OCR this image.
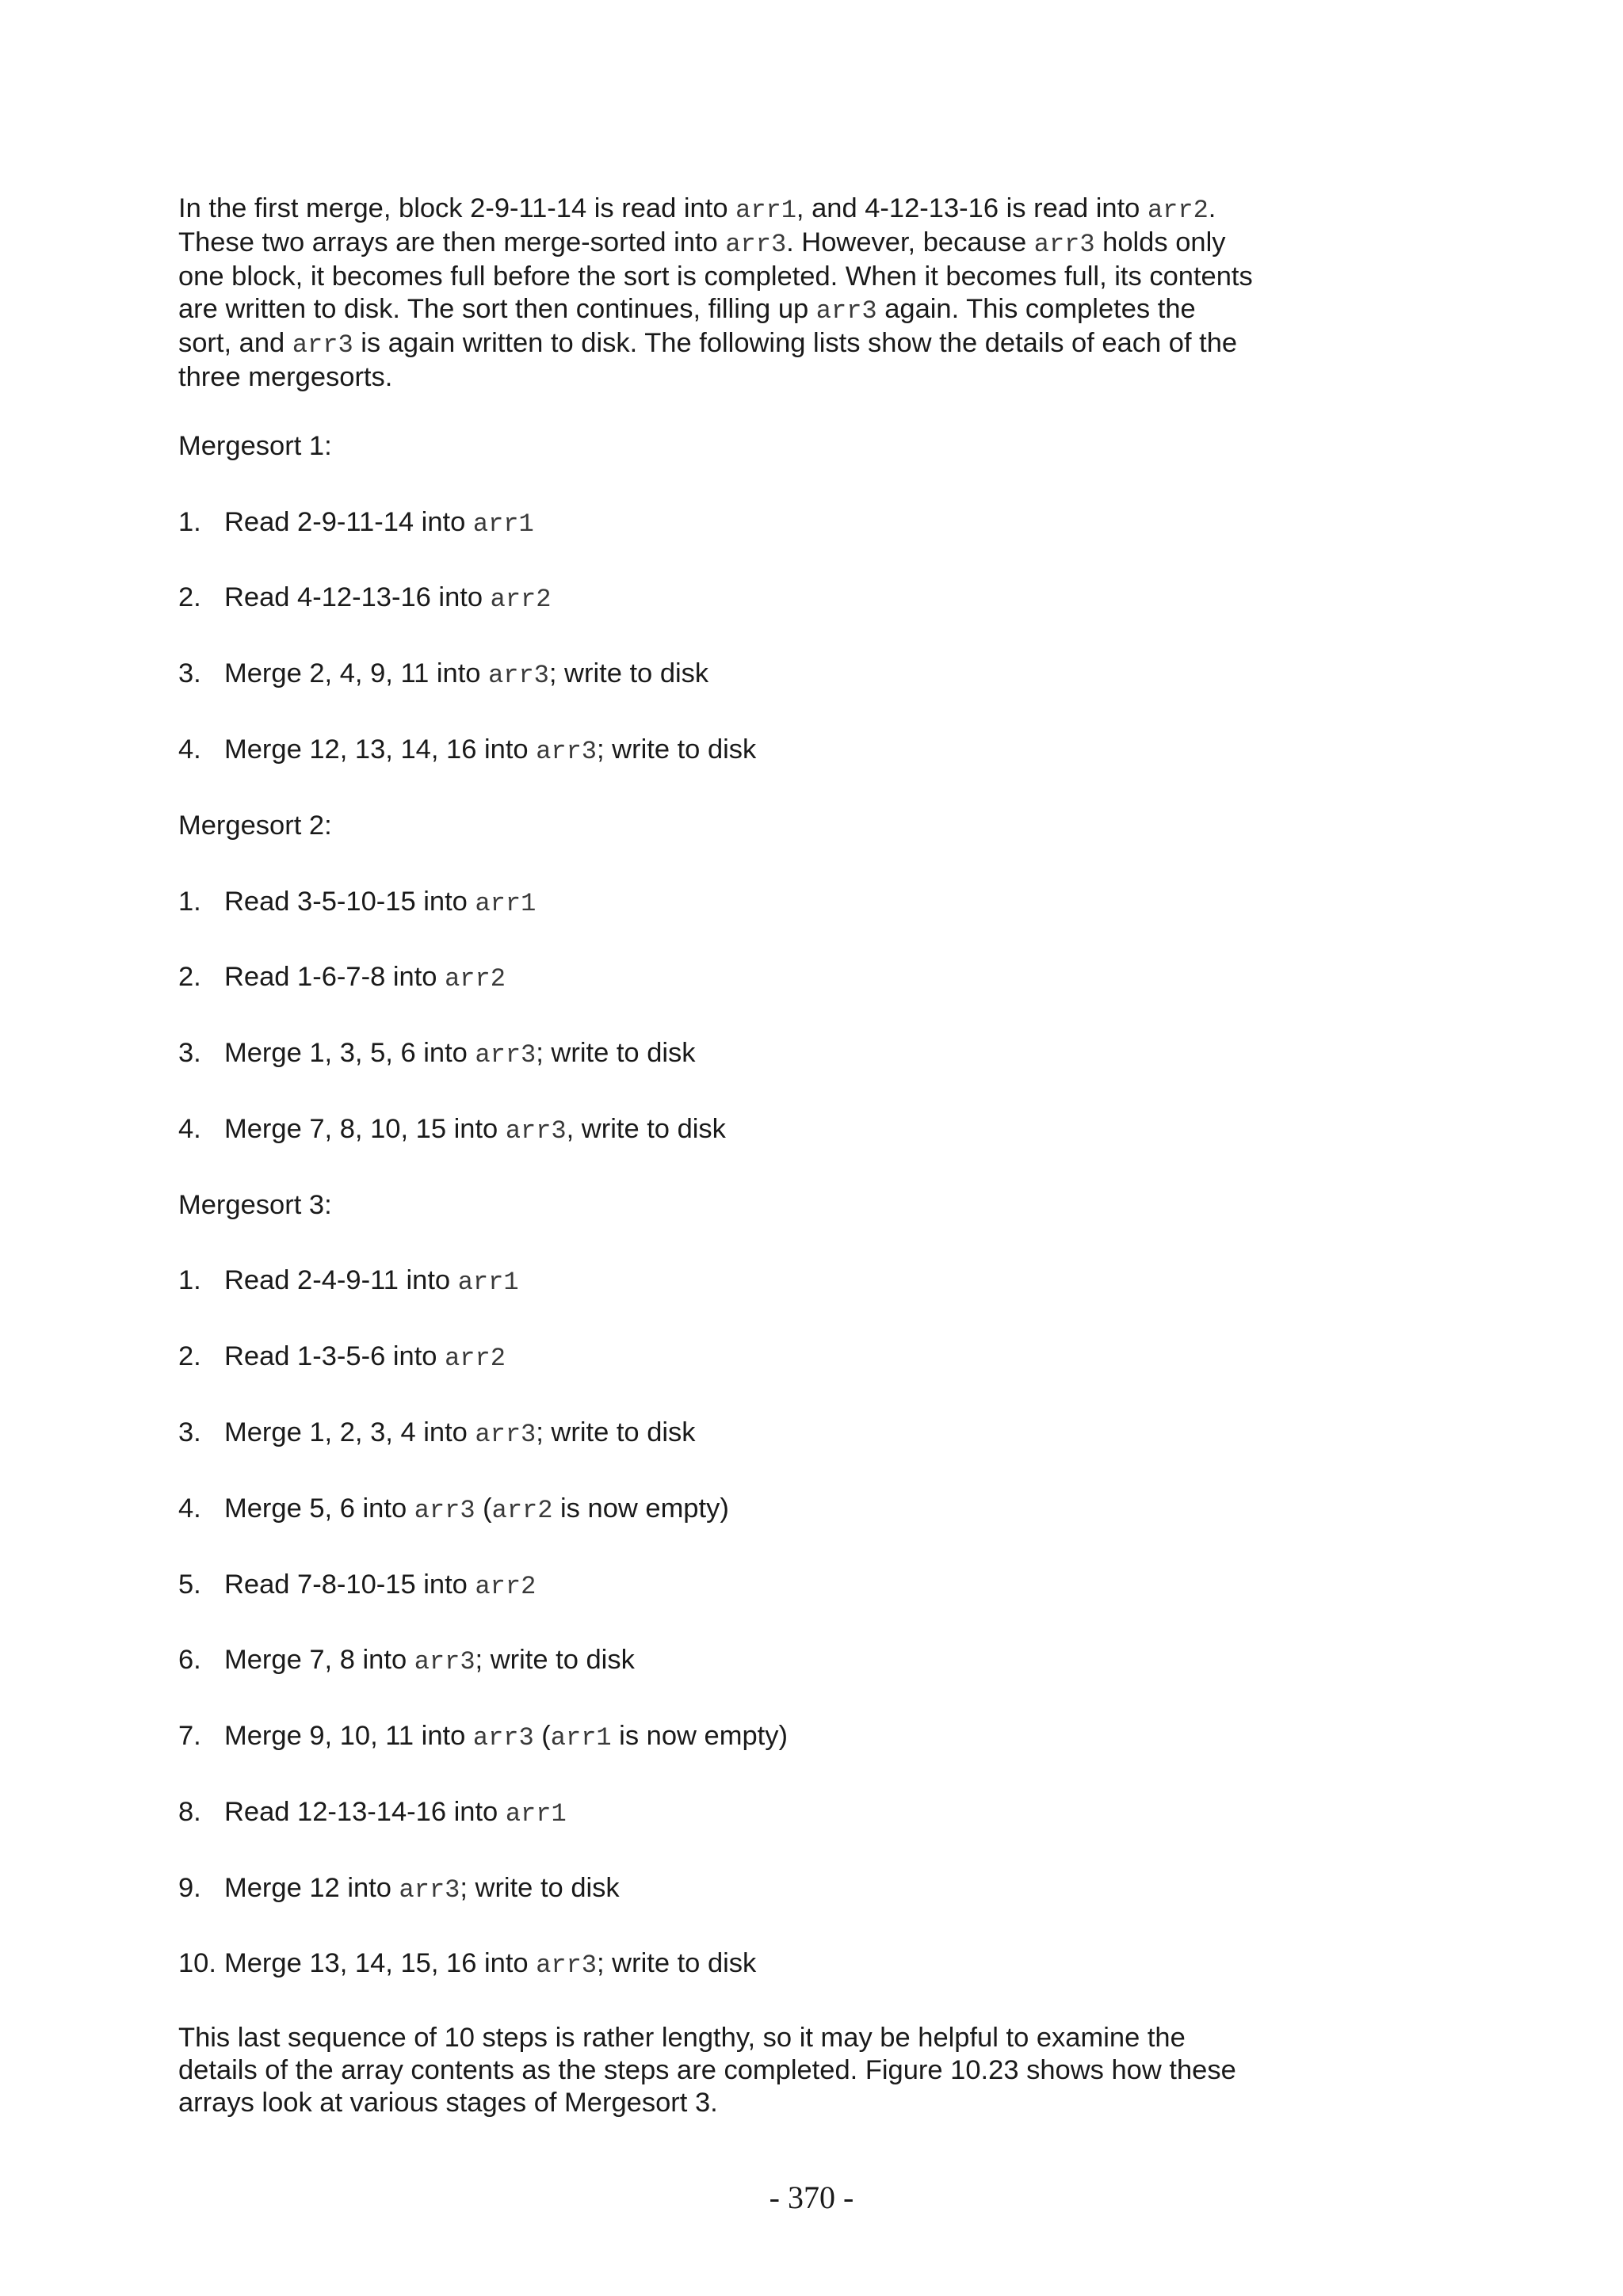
In the first merge, block 2-9-11-14 is read into arr1, and 4-12-13-16 is read into arr2.
These two arrays are then merge-sorted into arr3. However, because arr3 holds only
one block, it becomes full before the sort is completed. When it becomes full, its contents
are written to disk. The sort then continues, filling up arr3 again. This completes the
sort, and arr3 is again written to disk. The following lists show the details of each of the
three mergesorts.

Mergesort 1:

1. Read 2-9-11-14 into arr1

2. Read 4-12-13-16 into arr2

3. Merge 2, 4, 9, 11 into arr3; write to disk

4. Merge 12, 13, 14, 16 into arr3; write to disk

Mergesort 2:

1. Read 3-5-10-15 into arr1

2. Read 1-6-7-8 into arr2

3. Merge 1, 3, 5, 6 into arr3; write to disk

4. Merge 7, 8, 10, 15 into arr3, write to disk

Mergesort 3:

1. Read 2-4-9-11 into arr1

2. Read 1-3-5-6 into arr2

3. Merge 1, 2, 3, 4 into arr3; write to disk

4. Merge 5, 6 into arr3 (arr2 is now empty)

5. Read 7-8-10-15 into arr2

6. Merge 7, 8 into arr3; write to disk

7. Merge 9, 10, 11 into arr3 (arr1 is now empty)

8. Read 12-13-14-16 into arr1

9. Merge 12 into arr3; write to disk

10. Merge 13, 14, 15, 16 into arr3; write to disk

This last sequence of 10 steps is rather lengthy, so it may be helpful to examine the
details of the array contents as the steps are completed. Figure 10.23 shows how these
arrays look at various stages of Mergesort 3.

- 370 -
